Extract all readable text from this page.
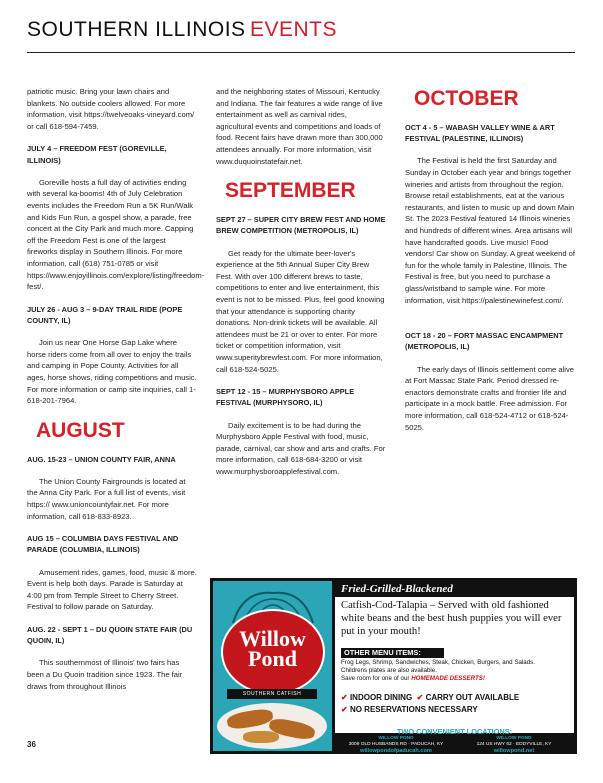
SOUTHERN ILLINOIS EVENTS

patriotic music. Bring your lawn chairs and blankets. No outside coolers allowed. For more information, visit https://twelveoaks-vineyard.com/ or call 618-594-7459.

JULY 4 – FREEDOM FEST (GOREVILLE, ILLINOIS)

Goreville hosts a full day of activities ending with several ka-booms! 4th of July Celebration events includes the Freedom Run a 5K Run/Walk and Kids Fun Run, a gospel show, a parade, free concert at the City Park and much more. Capping off the Freedom Fest is one of the largest fireworks display in Southern Illinois. For more information, call (618) 751-0785 or visit https://www.enjoyillinois.com/explore/listing/freedom-fest/.

JULY 26 - AUG 3 – 9-DAY TRAIL RIDE (POPE COUNTY, IL)

Join us near One Horse Gap Lake where horse riders come from all over to enjoy the trails and camping in Pope County. Activities for all ages, horse shows, riding competitions and music. For more information or camp site inquiries, call 1-618-201-7964.

AUGUST

AUG. 15-23 – UNION COUNTY FAIR, ANNA

The Union County Fairgrounds is located at the Anna City Park. For a full list of events, visit https:// www.unioncountyfair.net. For more information, call 618-833-8923.

AUG 15 – COLUMBIA DAYS FESTIVAL AND PARADE (COLUMBIA, ILLINOIS)

Amusement rides, games, food, music & more. Event is help both days. Parade is Saturday at 4:00 pm from Temple Street to Cherry Street. Festival to follow parade on Saturday.

AUG. 22 - SEPT 1 – DU QUOIN STATE FAIR (DU QUOIN, IL)

This southernmost of Illinois' two fairs has been a Du Quoin tradition since 1923. The fair draws from throughout Illinois

and the neighboring states of Missouri, Kentucky and Indiana. The fair features a wide range of live entertainment as well as carnival rides, agricultural events and competitions and loads of food. Recent fairs have drawn more than 300,000 attendees annually. For more information, visit www.duquoinstatefair.net.

SEPTEMBER

SEPT 27 – SUPER CITY BREW FEST AND HOME BREW COMPETITION (METROPOLIS, IL)

Get ready for the ultimate beer-lover's experience at the 5th Annual Super City Brew Fest. With over 100 different brews to taste, competitions to enter and live entertainment, this event is not to be missed. Plus, feel good knowing that your attendance is supporting charity donations. Non-drink tickets will be available. All attendees must be 21 or over to enter. For more ticket or competition information, visit www.superitybrewfest.com. For more information, call 618-524-5025.

SEPT 12 - 15 – MURPHYSBORO APPLE FESTIVAL (MURPHYSORO, IL)

Daily excitement is to be had during the Murphysboro Apple Festival with food, music, parade, carnival, car show and arts and crafts. For more information, call 618-684-3200 or visit www.murphysboroapplefestival.com.

OCTOBER

OCT 4 - 5 – WABASH VALLEY WINE & ART FESTIVAL (PALESTINE, ILLINOIS)

The Festival is held the first Saturday and Sunday in October each year and brings together wineries and artists from throughout the region. Browse retail establishments, eat at the various restaurants, and listen to music up and down Main St. The 2023 Festival featured 14 Illinois wineries and hundreds of different wines. Area artisans will have handcrafted goods. Live music! Food vendors! Car show on Sunday. A great weekend of fun for the whole family in Palestine, Illinois. The Festival is free, but you need to purchase a glass/wristband to sample wine. For more information, visit https://palestinewinefest.com/.

OCT 18 - 20 – FORT MASSAC ENCAMPMENT (METROPOLIS, IL)

The early days of Illinois settlement come alive at Fort Massac State Park. Period dressed re-enactors demonstrate crafts and frontier life and participate in a mock battle. Free admission. For more information, call 618-524-4712 or 618-524-5025.

Willow Pond
SOUTHERN CATFISH
Fried-Grilled-Blackened
Catfish-Cod-Talapia – Served with old fashioned white beans and the best hush puppies you will ever put in your mouth!
OTHER MENU ITEMS:
Frog Legs, Shrimp, Sandwiches, Steak, Chicken, Burgers, and Salads.
Childrens plates are also available.
Save room for one of our HOMEMADE DESSERTS!
✔ INDOOR DINING ✔ CARRY OUT AVAILABLE
✔ NO RESERVATIONS NECESSARY
TWO CONVENIENT LOCATIONS:
WILLOW POND
3009 OLD HUSBANDS RD · PADUCAH, KY
willowpondofpaducah.com
WILLOW POND
124 US HWY 62 · EDDYVILLE, KY
willowpond.net
36
